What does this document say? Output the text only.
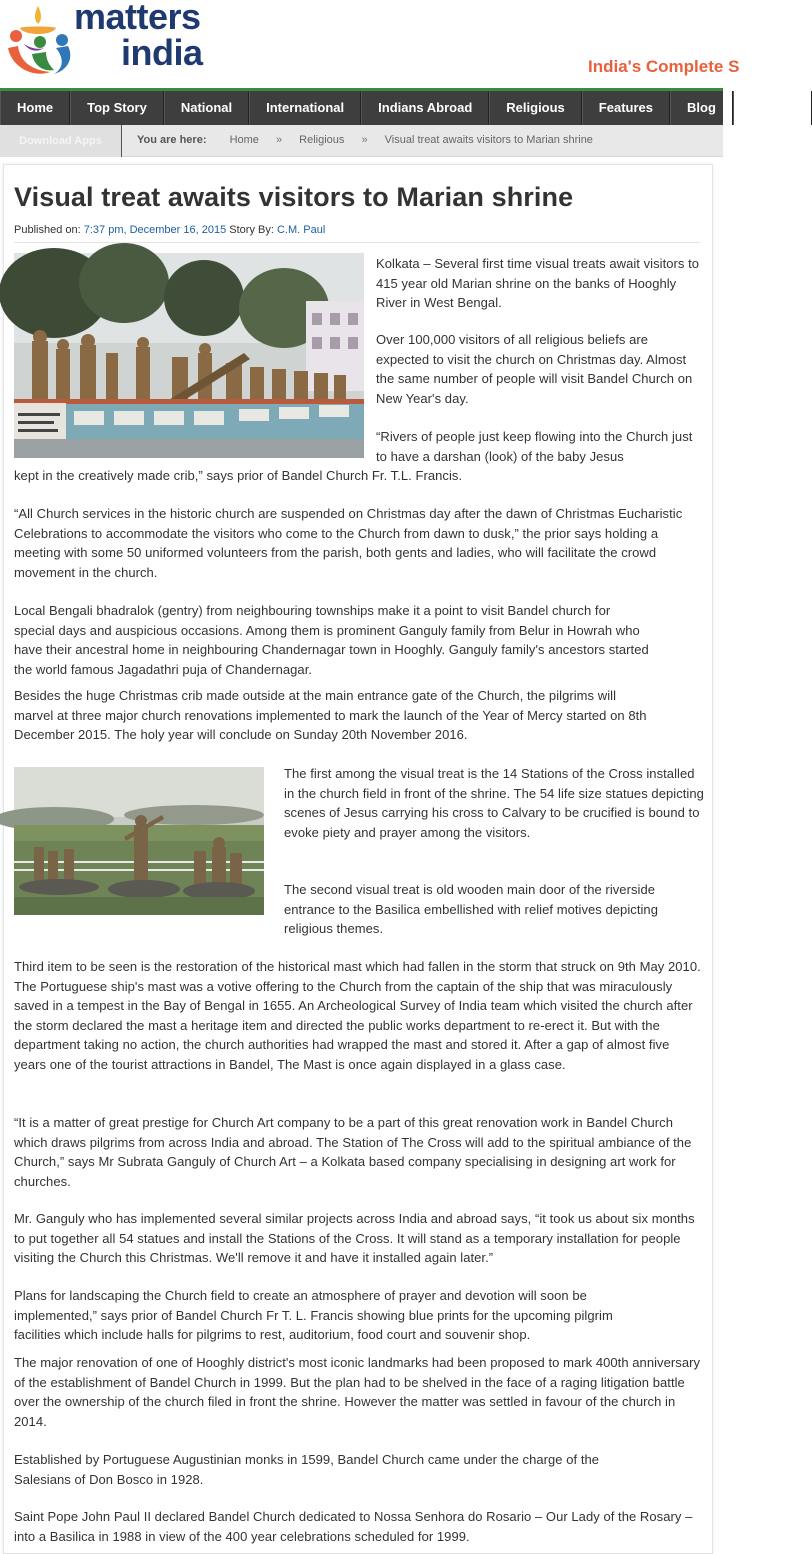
matters
india	India's Complete S
Home	Top Story	National	International	Indians Abroad	Religious	Features	Blog	Review
Download Apps	You are here: Home » Religious » Visual treat awaits visitors to Marian shrine
Visual treat awaits visitors to Marian shrine
Published on: 7:37 pm, December 16, 2015 Story By: C.M. Paul
Kolkata – Several first time visual treats await visitors to 415 year old Marian shrine on the banks of Hooghly River in West Bengal.
Over 100,000 visitors of all religious beliefs are expected to visit the church on Christmas day. Almost the same number of people will visit Bandel Church on New Year's day.
“Rivers of people just keep flowing into the Church just to have a darshan (look) of the baby Jesus
kept in the creatively made crib,” says prior of Bandel Church Fr. T.L. Francis.
“All Church services in the historic church are suspended on Christmas day after the dawn of Christmas Eucharistic Celebrations to accommodate the visitors who come to the Church from dawn to dusk,” the prior says holding a meeting with some 50 uniformed volunteers from the parish, both gents and ladies, who will facilitate the crowd movement in the church.
Local Bengali bhadralok (gentry) from neighbouring townships make it a point to visit Bandel church for special days and auspicious occasions. Among them is prominent Ganguly family from Belur in Howrah who have their ancestral home in neighbouring Chandernagar town in Hooghly. Ganguly family's ancestors started the world famous Jagadathri puja of Chandernagar.
Besides the huge Christmas crib made outside at the main entrance gate of the Church, the pilgrims will marvel at three major church renovations implemented to mark the launch of the Year of Mercy started on 8th December 2015. The holy year will conclude on Sunday 20th November 2016.
The first among the visual treat is the 14 Stations of the Cross installed in the church field in front of the shrine. The 54 life size statues depicting scenes of Jesus carrying his cross to Calvary to be crucified is bound to evoke piety and prayer among the visitors.
The second visual treat is old wooden main door of the riverside entrance to the Basilica embellished with relief motives depicting religious themes.
Third item to be seen is the restoration of the historical mast which had fallen in the storm that struck on 9th May 2010. The Portuguese ship's mast was a votive offering to the Church from the captain of the ship that was miraculously saved in a tempest in the Bay of Bengal in 1655. An Archeological Survey of India team which visited the church after the storm declared the mast a heritage item and directed the public works department to re-erect it. But with the department taking no action, the church authorities had wrapped the mast and stored it. After a gap of almost five years one of the tourist attractions in Bandel, The Mast is once again displayed in a glass case.
“It is a matter of great prestige for Church Art company to be a part of this great renovation work in Bandel Church which draws pilgrims from across India and abroad. The Station of The Cross will add to the spiritual ambiance of the Church,” says Mr Subrata Ganguly of Church Art – a Kolkata based company specialising in designing art work for churches.
Mr. Ganguly who has implemented several similar projects across India and abroad says, “it took us about six months to put together all 54 statues and install the Stations of the Cross. It will stand as a temporary installation for people visiting the Church this Christmas. We'll remove it and have it installed again later.”
Plans for landscaping the Church field to create an atmosphere of prayer and devotion will soon be implemented,” says prior of Bandel Church Fr T. L. Francis showing blue prints for the upcoming pilgrim facilities which include halls for pilgrims to rest, auditorium, food court and souvenir shop.
The major renovation of one of Hooghly district's most iconic landmarks had been proposed to mark 400th anniversary of the establishment of Bandel Church in 1999. But the plan had to be shelved in the face of a raging litigation battle over the ownership of the church filed in front the shrine. However the matter was settled in favour of the church in 2014.
Established by Portuguese Augustinian monks in 1599, Bandel Church came under the charge of the Salesians of Don Bosco in 1928.
Saint Pope John Paul II declared Bandel Church dedicated to Nossa Senhora do Rosario – Our Lady of the Rosary – into a Basilica in 1988 in view of the 400 year celebrations scheduled for 1999.
